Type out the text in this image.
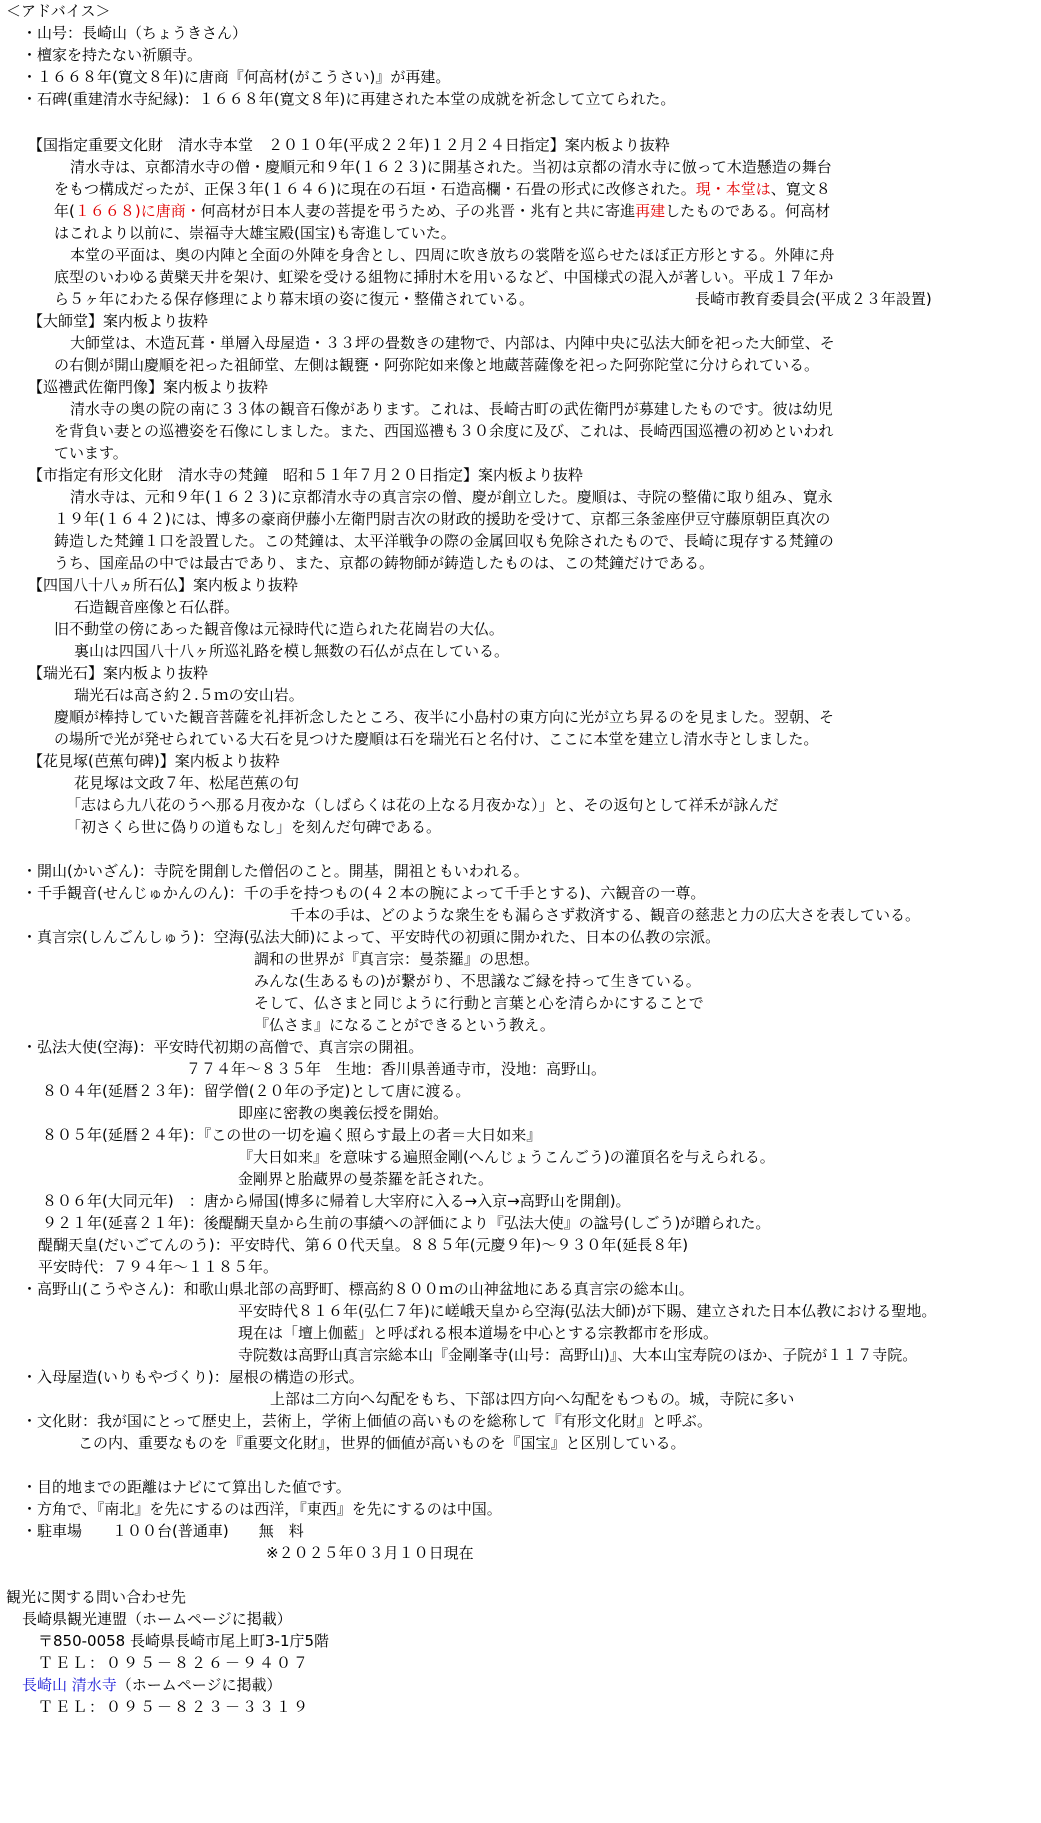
＜アドバイス＞
・山号：長崎山（ちょうきさん）
・檀家を持たない祈願寺。
・１６６８年(寛文８年)に唐商『何高材(がこうさい)』が再建。
・石碑(重建清水寺紀縁)：１６６８年(寛文８年)に再建された本堂の成就を祈念して立てられた。
【国指定重要文化財　清水寺本堂　２０１０年(平成２２年)１２月２４日指定】案内板より抜粋
清水寺は、京都清水寺の僧・慶順元和９年(１６２３)に開基された。当初は京都の清水寺に倣って木造懸造の舞台
をもつ構成だったが、正保３年(１６４６)に現在の石垣・石造高欄・石畳の形式に改修された。現・本堂は、寛文８
年(１６６８)に唐商・何高材が日本人妻の菩提を弔うため、子の兆晋・兆有と共に寄進再建したものである。何高材
はこれより以前に、崇福寺大雄宝殿(国宝)も寄進していた。
本堂の平面は、奥の内陣と全面の外陣を身舎とし、四周に吹き放ちの裳階を巡らせたほぼ正方形とする。外陣に舟
底型のいわゆる黄檗天井を架け、虹梁を受ける組物に挿肘木を用いるなど、中国様式の混入が著しい。平成１７年か
ら５ヶ年にわたる保存修理により幕末頃の姿に復元・整備されている。	長崎市教育委員会(平成２３年設置)
【大師堂】案内板より抜粋
大師堂は、木造瓦葺・単層入母屋造・３３坪の畳数きの建物で、内部は、内陣中央に弘法大師を祀った大師堂、そ
の右側が開山慶順を祀った祖師堂、左側は観甕・阿弥陀如来像と地蔵菩薩像を祀った阿弥陀堂に分けられている。
【巡禮武佐衛門像】案内板より抜粋
清水寺の奥の院の南に３３体の観音石像があります。これは、長崎古町の武佐衛門が募建したものです。彼は幼児
を背負い妻との巡禮姿を石像にしました。また、西国巡禮も３０余度に及び、これは、長崎西国巡禮の初めといわれ
ています。
【市指定有形文化財　清水寺の梵鐘　昭和５１年７月２０日指定】案内板より抜粋
清水寺は、元和９年(１６２３)に京都清水寺の真言宗の僧、慶が創立した。慶順は、寺院の整備に取り組み、寛永
１９年(１６４２)には、博多の豪商伊藤小左衛門尉吉次の財政的援助を受けて、京都三条釜座伊豆守藤原朝臣真次の
鋳造した梵鐘１口を設置した。この梵鐘は、太平洋戦争の際の金属回収も免除されたもので、長崎に現存する梵鐘の
うち、国産品の中では最古であり、また、京都の鋳物師が鋳造したものは、この梵鐘だけである。
【四国八十八ヵ所石仏】案内板より抜粋
石造観音座像と石仏群。
旧不動堂の傍にあった観音像は元禄時代に造られた花崗岩の大仏。
裏山は四国八十八ヶ所巡礼路を模し無数の石仏が点在している。
【瑞光石】案内板より抜粋
瑞光石は高さ約２.５ｍの安山岩。
慶順が棒持していた観音菩薩を礼拝祈念したところ、夜半に小島村の東方向に光が立ち昇るのを見ました。翌朝、そ
の場所で光が発せられている大石を見つけた慶順は石を瑞光石と名付け、ここに本堂を建立し清水寺としました。
【花見塚(芭蕉句碑)】案内板より抜粋
花見塚は文政７年、松尾芭蕉の句
「志はら九八花のうへ那る月夜かな（しばらくは花の上なる月夜かな）」と、その返句として祥禾が詠んだ
「初さくら世に偽りの道もなし」を刻んだ句碑である。
・開山(かいざん)：寺院を開創した僧侶のこと。開基，開祖ともいわれる。
・千手観音(せんじゅかんのん)：千の手を持つもの(４２本の腕によって千手とする)、六観音の一尊。
千本の手は、どのような衆生をも漏らさず救済する、観音の慈悲と力の広大さを表している。
・真言宗(しんごんしゅう)：空海(弘法大師)によって、平安時代の初頭に開かれた、日本の仏教の宗派。
調和の世界が『真言宗：曼荼羅』の思想。
みんな(生あるもの)が繋がり、不思議なご縁を持って生きている。
そして、仏さまと同じように行動と言葉と心を清らかにすることで
『仏さま』になることができるという教え。
・弘法大使(空海)：平安時代初期の高僧で、真言宗の開祖。
７７４年～８３５年　生地：香川県善通寺市，没地：高野山。
８０４年(延暦２３年)：留学僧(２０年の予定)として唐に渡る。
即座に密教の奥義伝授を開始。
８０５年(延暦２４年)：『この世の一切を遍く照らす最上の者＝大日如来』
『大日如来』を意味する遍照金剛(へんじょうこんごう)の灌頂名を与えられる。
金剛界と胎蔵界の曼荼羅を託された。
８０６年(大同元年)　：唐から帰国(博多に帰着し大宰府に入る→入京→高野山を開創)。
９２１年(延喜２１年)：後醍醐天皇から生前の事績への評価により『弘法大使』の諡号(しごう)が贈られた。
醍醐天皇(だいごてんのう)：平安時代、第６０代天皇。８８５年(元慶９年)～９３０年(延長８年)
平安時代：７９４年～１１８５年。
・高野山(こうやさん)：和歌山県北部の高野町、標高約８００ｍの山神盆地にある真言宗の総本山。
平安時代８１６年(弘仁７年)に嵯峨天皇から空海(弘法大師)が下賜、建立された日本仏教における聖地。
現在は「壇上伽藍」と呼ばれる根本道場を中心とする宗教都市を形成。
寺院数は高野山真言宗総本山『金剛峯寺(山号：高野山)』、大本山宝寿院のほか、子院が１１７寺院。
・入母屋造(いりもやづくり)：屋根の構造の形式。
上部は二方向へ勾配をもち、下部は四方向へ勾配をもつもの。城，寺院に多い
・文化財：我が国にとって歴史上，芸術上，学術上価値の高いものを総称して『有形文化財』と呼ぶ。
この内、重要なものを『重要文化財』，世界的価値が高いものを『国宝』と区別している。
・目的地までの距離はナビにて算出した値です。
・方角で、『南北』を先にするのは西洋，『東西』を先にするのは中国。
・駐車場　　１００台(普通車)　　無　料
※２０２５年０３月１０日現在
観光に関する問い合わせ先
長崎県観光連盟（ホームページに掲載）
〒850-0058 長崎県長崎市尾上町3-1庁5階
ＴＥＬ：０９５－８２６－９４０７
長崎山 清水寺（ホームページに掲載）
ＴＥＬ：０９５－８２３－３３１９
